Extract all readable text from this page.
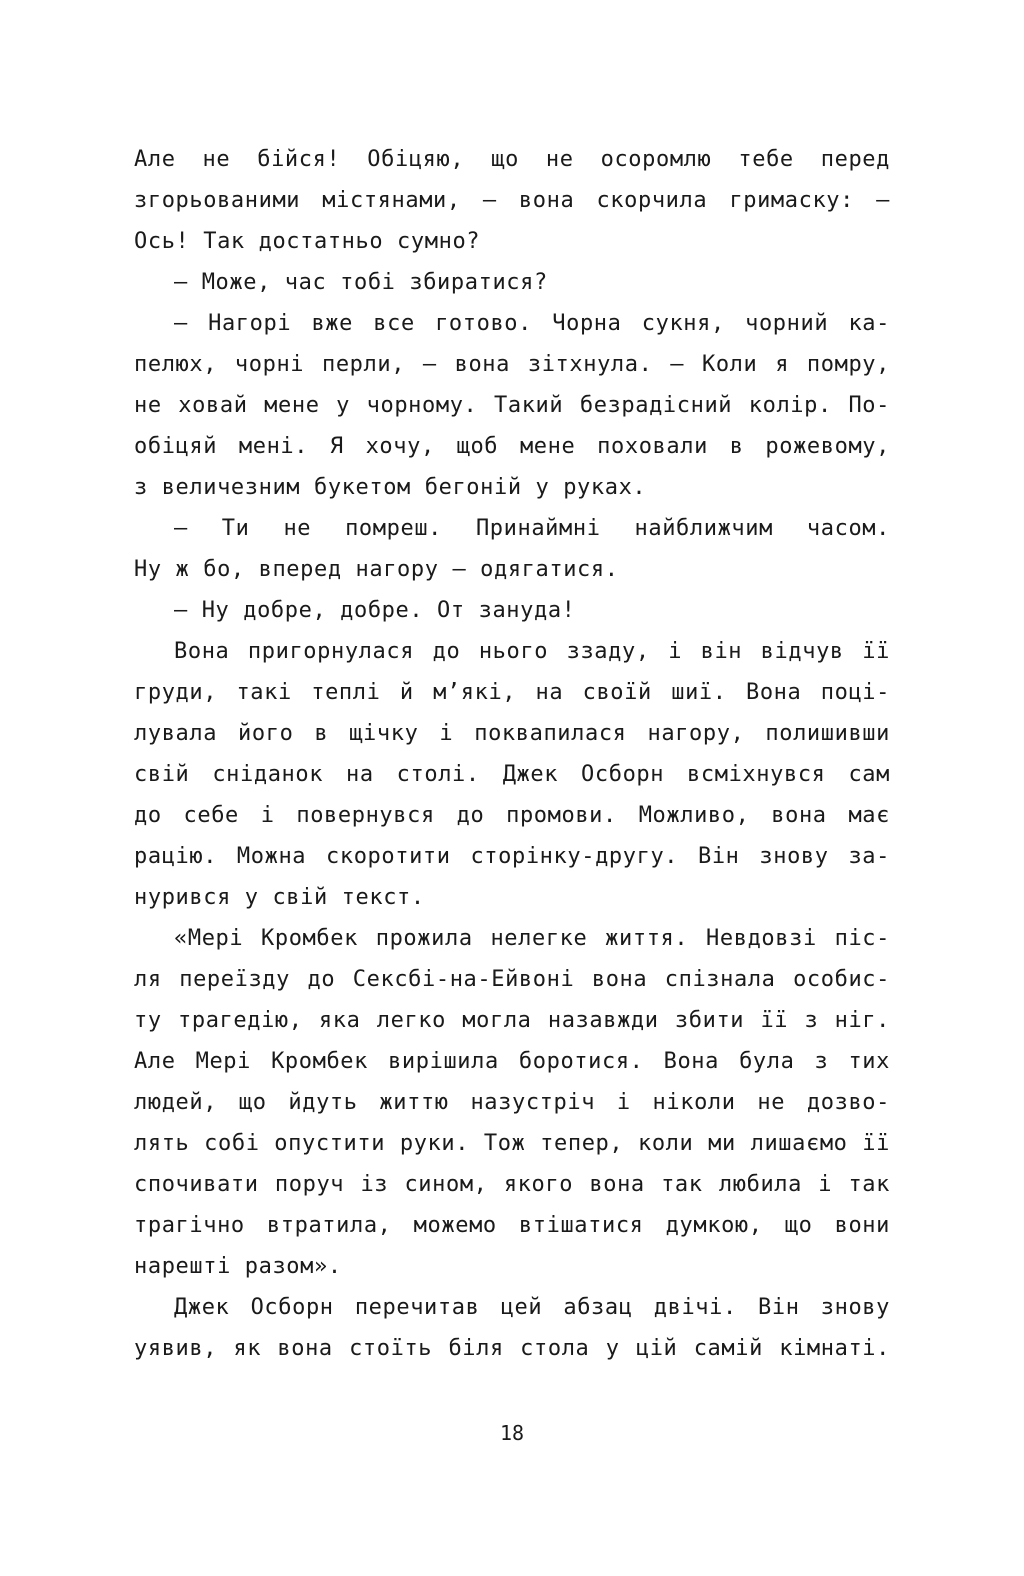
Але не бійся! Обіцяю, що не осоромлю тебе перед
згорьованими містянами, — вона скорчила гримаску: —
Ось! Так достатньо сумно?
— Може, час тобі збиратися?
— Нагорі вже все готово. Чорна сукня, чорний ка-
пелюх, чорні перли, — вона зітхнула. — Коли я помру,
не ховай мене у чорному. Такий безрадісний колір. По-
обіцяй мені. Я хочу, щоб мене поховали в рожевому,
з величезним букетом бегоній у руках.
— Ти не помреш. Принаймні найближчим часом.
Ну ж бо, вперед нагору — одягатися.
— Ну добре, добре. От зануда!
Вона пригорнулася до нього ззаду, і він відчув її
груди, такі теплі й м’які, на своїй шиї. Вона поці-
лувала його в щічку і поквапилася нагору, полишивши
свій сніданок на столі. Джек Осборн всміхнувся сам
до себе і повернувся до промови. Можливо, вона має
рацію. Можна скоротити сторінку-другу. Він знову за-
нурився у свій текст.
«Мері Кромбек прожила нелегке життя. Невдовзі піс-
ля переїзду до Сексбі-на-Ейвоні вона спізнала особис-
ту трагедію, яка легко могла назавжди збити її з ніг.
Але Мері Кромбек вирішила боротися. Вона була з тих
людей, що йдуть життю назустріч і ніколи не дозво-
лять собі опустити руки. Тож тепер, коли ми лишаємо її
спочивати поруч із сином, якого вона так любила і так
трагічно втратила, можемо втішатися думкою, що вони
нарешті разом».
Джек Осборн перечитав цей абзац двічі. Він знову
уявив, як вона стоїть біля стола у цій самій кімнаті.
18
